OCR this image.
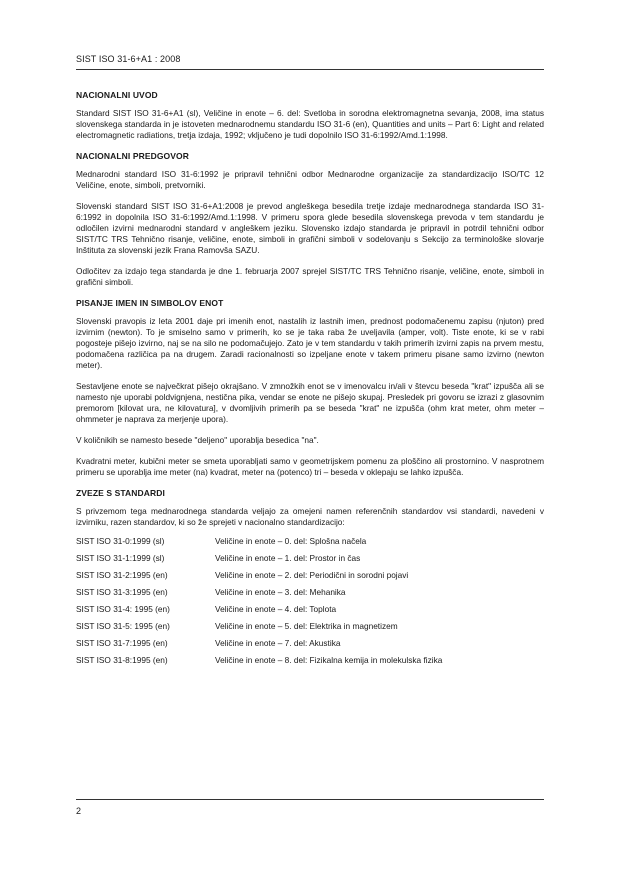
SIST ISO 31-6+A1 : 2008
NACIONALNI UVOD

Standard SIST ISO 31-6+A1 (sl), Veličine in enote – 6. del: Svetloba in sorodna elektromagnetna sevanja, 2008, ima status slovenskega standarda in je istoveten mednarodnemu standardu ISO 31-6 (en), Quantities and units – Part 6: Light and related electromagnetic radiations, tretja izdaja, 1992; vključeno je tudi dopolnilo ISO 31-6:1992/Amd.1:1998.

NACIONALNI PREDGOVOR

Mednarodni standard ISO 31-6:1992 je pripravil tehnični odbor Mednarodne organizacije za standardizacijo ISO/TC 12 Veličine, enote, simboli, pretvorniki.

Slovenski standard SIST ISO 31-6+A1:2008 je prevod angleškega besedila tretje izdaje mednarodnega standarda ISO 31-6:1992 in dopolnila ISO 31-6:1992/Amd.1:1998. V primeru spora glede besedila slovenskega prevoda v tem standardu je odločilen izvirni mednarodni standard v angleškem jeziku. Slovensko izdajo standarda je pripravil in potrdil tehnični odbor SIST/TC TRS Tehnično risanje, veličine, enote, simboli in grafični simboli v sodelovanju s Sekcijo za terminološke slovarje Inštituta za slovenski jezik Frana Ramovša SAZU.

Odločitev za izdajo tega standarda je dne 1. februarja 2007 sprejel SIST/TC TRS Tehnično risanje, veličine, enote, simboli in grafični simboli.

PISANJE IMEN IN SIMBOLOV ENOT

Slovenski pravopis iz leta 2001 daje pri imenih enot, nastalih iz lastnih imen, prednost podomačenemu zapisu (njuton) pred izvirnim (newton). To je smiselno samo v primerih, ko se je taka raba že uveljavila (amper, volt). Tiste enote, ki se v rabi pogosteje pišejo izvirno, naj se na silo ne podomačujejo. Zato je v tem standardu v takih primerih izvirni zapis na prvem mestu, podomačena različica pa na drugem. Zaradi racionalnosti so izpeljane enote v takem primeru pisane samo izvirno (newton meter).

Sestavljene enote se največkrat pišejo okrajšano. V zmnožkih enot se v imenovalcu in/ali v števcu beseda "krat" izpušča ali se namesto nje uporabi poldvignjena, nestična pika, vendar se enote ne pišejo skupaj. Presledek pri govoru se izrazi z glasovnim premorom [kilovat ura, ne kilovatura], v dvomljivih primerih pa se beseda "krat" ne izpušča (ohm krat meter, ohm meter – ohmmeter je naprava za merjenje upora).

V količnikih se namesto besede "deljeno" uporablja besedica "na".

Kvadratni meter, kubični meter se smeta uporabljati samo v geometrijskem pomenu za ploščino ali prostornino. V nasprotnem primeru se uporablja ime meter (na) kvadrat, meter na (potenco) tri – beseda v oklepaju se lahko izpušča.

ZVEZE S STANDARDI

S privzemom tega mednarodnega standarda veljajo za omejeni namen referenčnih standardov vsi standardi, navedeni v izvirniku, razen standardov, ki so že sprejeti v nacionalno standardizacijo:

SIST ISO 31-0:1999 (sl)	Veličine in enote – 0. del: Splošna načela
SIST ISO 31-1:1999 (sl)	Veličine in enote – 1. del: Prostor in čas
SIST ISO 31-2:1995 (en)	Veličine in enote – 2. del: Periodični in sorodni pojavi
SIST ISO 31-3:1995 (en)	Veličine in enote – 3. del: Mehanika
SIST ISO 31-4: 1995 (en)	Veličine in enote – 4. del: Toplota
SIST ISO 31-5: 1995 (en)	Veličine in enote – 5. del: Elektrika in magnetizem
SIST ISO 31-7:1995 (en)	Veličine in enote – 7. del: Akustika
SIST ISO 31-8:1995 (en)	Veličine in enote – 8. del: Fizikalna kemija in molekulska fizika
2
